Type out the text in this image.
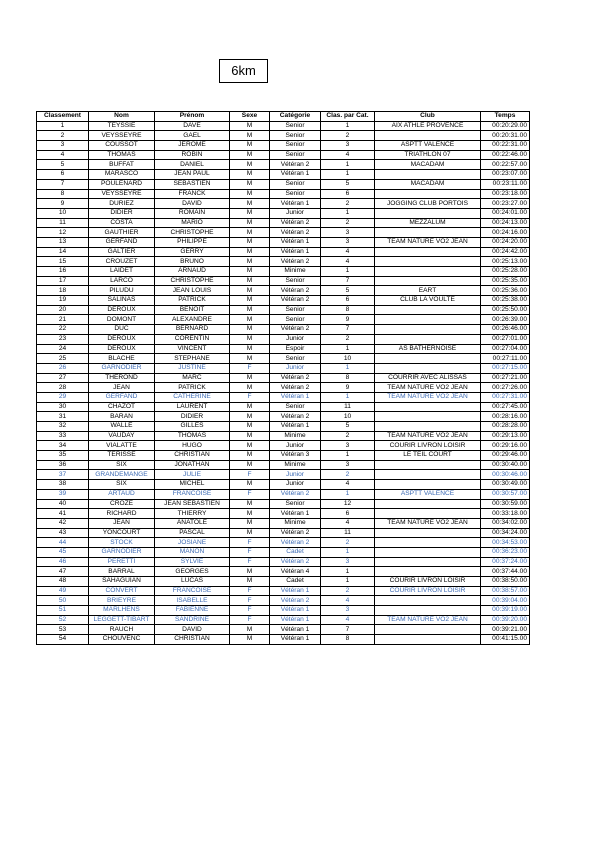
6km
Classement	Nom	Prénom	Sexe	Catégorie	Clas. par Cat.	Club	Temps
1	TEYSSIE	DAVE	M	Senior	1	AIX ATHLE PROVENCE	00:20:29.00
2	VEYSSEYRE	GAEL	M	Senior	2		00:20:31.00
3	COUSSOT	JEROME	M	Senior	3	ASPTT VALENCE	00:22:31.00
4	THOMAS	ROBIN	M	Senior	4	TRIATHLON 07	00:22:46.00
5	BUFFAT	DANIEL	M	Vétéran 2	1	MACADAM	00:22:57.00
6	MARASCO	JEAN PAUL	M	Vétéran 1	1		00:23:07.00
7	POULENARD	SEBASTIEN	M	Senior	5	MACADAM	00:23:11.00
8	VEYSSEYRE	FRANCK	M	Senior	6		00:23:18.00
9	DURIEZ	DAVID	M	Vétéran 1	2	JOGGING CLUB PORTOIS	00:23:27.00
10	DIDIER	ROMAIN	M	Junior	1		00:24:01.00
11	COSTA	MARIO	M	Vétéran 2	2	MEZZALUM	00:24:13.00
12	GAUTHIER	CHRISTOPHE	M	Vétéran 2	3		00:24:16.00
13	GERFAND	PHILIPPE	M	Vétéran 1	3	TEAM NATURE VO2 JEAN	00:24:20.00
14	GALTIER	GERRY	M	Vétéran 1	4		00:24:42.00
15	CROUZET	BRUNO	M	Vétéran 2	4		00:25:13.00
16	LAIDET	ARNAUD	M	Minime	1		00:25:28.00
17	LARCO	CHRISTOPHE	M	Senior	7		00:25:35.00
18	PILUDU	JEAN LOUIS	M	Vétéran 2	5	EART	00:25:36.00
19	SALINAS	PATRICK	M	Vétéran 2	6	CLUB LA VOULTE	00:25:38.00
20	DEROUX	BENOIT	M	Senior	8		00:25:50.00
21	DOMONT	ALEXANDRE	M	Senior	9		00:26:39.00
22	DUC	BERNARD	M	Vétéran 2	7		00:26:46.00
23	DEROUX	CORENTIN	M	Junior	2		00:27:01.00
24	DEROUX	VINCENT	M	Espoir	1	AS BATHERNOISE	00:27:04.00
25	BLACHE	STEPHANE	M	Senior	10		00:27:11.00
26	GARNODIER	JUSTINE	F	Junior	1		00:27:15.00
27	THEROND	MARC	M	Vétéran 2	8	COURRIR AVEC ALISSAS	00:27:21.00
28	JEAN	PATRICK	M	Vétéran 2	9	TEAM NATURE VO2 JEAN	00:27:26.00
29	GERFAND	CATHERINE	F	Vétéran 1	1	TEAM NATURE VO2 JEAN	00:27:31.00
30	CHAZOT	LAURENT	M	Senior	11		00:27:45.00
31	BARAN	DIDIER	M	Vétéran 2	10		00:28:16.00
32	WALLE	GILLES	M	Vétéran 1	5		00:28:28.00
33	VAUDAY	THOMAS	M	Minime	2	TEAM NATURE VO2 JEAN	00:29:13.00
34	VIALATTE	HUGO	M	Junior	3	COURIR LIVRON LOISIR	00:29:16.00
35	TERISSE	CHRISTIAN	M	Vétéran 3	1	LE TEIL COURT	00:29:46.00
36	SIX	JONATHAN	M	Minime	3		00:30:40.00
37	GRANDEMANGE	JULIE	F	Junior	2		00:30:46.00
38	SIX	MICHEL	M	Junior	4		00:30:49.00
39	ARTAUD	FRANCOISE	F	Vétéran 2	1	ASPTT VALENCE	00:30:57.00
40	CROZE	JEAN SEBASTIEN	M	Senior	12		00:30:59.00
41	RICHARD	THIERRY	M	Vétéran 1	6		00:33:18.00
42	JEAN	ANATOLE	M	Minime	4	TEAM NATURE VO2 JEAN	00:34:02.00
43	YONCOURT	PASCAL	M	Vétéran 2	11		00:34:24.00
44	STOCK	JOSIANE	F	Vétéran 2	2		00:34:53.00
45	GARNODIER	MANON	F	Cadet	1		00:36:23.00
46	PERETTI	SYLVIE	F	Vétéran 2	3		00:37:24.00
47	BARRAL	GEORGES	M	Vétéran 4	1		00:37:44.00
48	SAHAGUIAN	LUCAS	M	Cadet	1	COURIR LIVRON LOISIR	00:38:50.00
49	CONVERT	FRANCOISE	F	Vétéran 1	2	COURIR LIVRON LOISIR	00:38:57.00
50	BRIEYRE	ISABELLE	F	Vétéran 2	4		00:39:04.00
51	MARLHENS	FABIENNE	F	Vétéran 1	3		00:39:19.00
52	LEGGETT-TIBART	SANDRINE	F	Vétéran 1	4	TEAM NATURE VO2 JEAN	00:39:20.00
53	RAUCH	DAVID	M	Vétéran 1	7		00:39:21.00
54	CHOUVENC	CHRISTIAN	M	Vétéran 1	8		00:41:15.00
